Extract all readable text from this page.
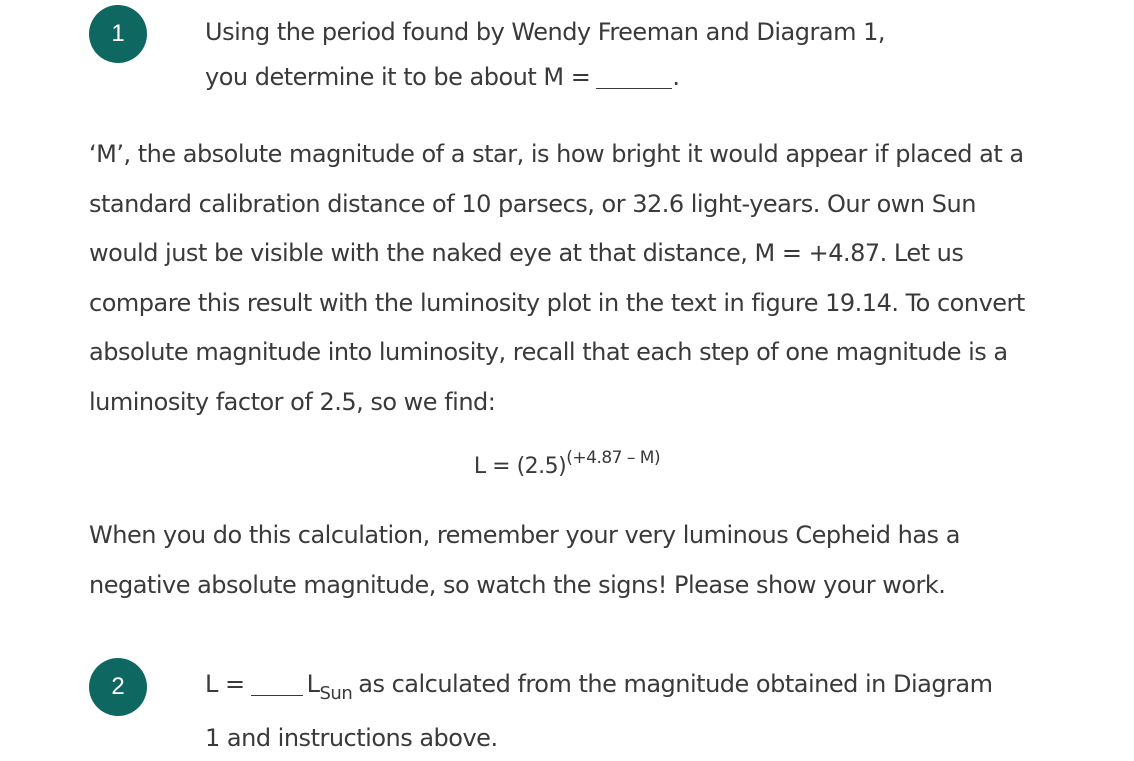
1	Using the period found by Wendy Freeman and Diagram 1,
you determine it to be about M =	.
‘M’, the absolute magnitude of a star, is how bright it would appear if placed at a standard calibration distance of 10 parsecs, or 32.6 light-years. Our own Sun would just be visible with the naked eye at that distance, M = +4.87. Let us compare this result with the luminosity plot in the text in figure 19.14. To convert absolute magnitude into luminosity, recall that each step of one magnitude is a luminosity factor of 2.5, so we find:
$L = (2.5)^{(+4.87 - M)}$
When you do this calculation, remember your very luminous Cepheid has a negative absolute magnitude, so watch the signs! Please show your work.
2	L =	$L_{Sun}$ as calculated from the magnitude obtained in Diagram
1 and instructions above.
